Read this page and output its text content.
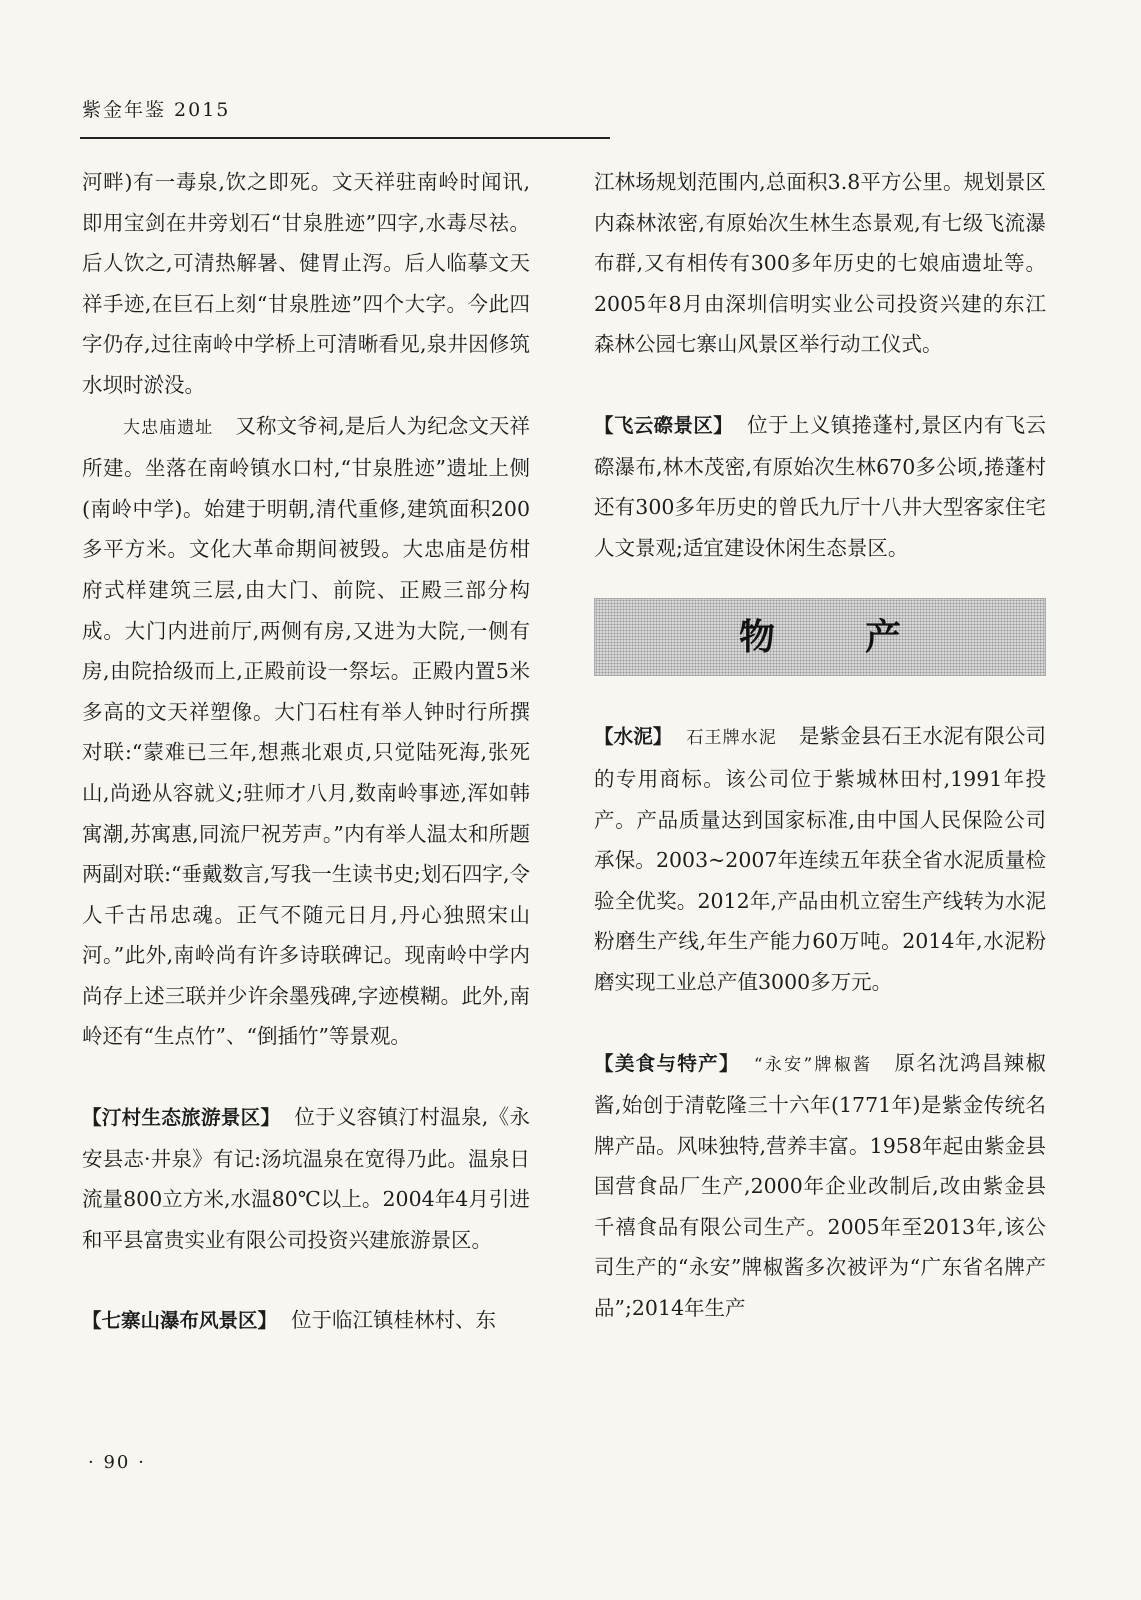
紫金年鉴 2015

河畔)有一毒泉,饮之即死。文天祥驻南岭时闻讯,即用宝剑在井旁划石“甘泉胜迹”四字,水毒尽祛。后人饮之,可清热解暑、健胃止泻。后人临摹文天祥手迹,在巨石上刻“甘泉胜迹”四个大字。今此四字仍存,过往南岭中学桥上可清晰看见,泉井因修筑水坝时淤没。

大忠庙遗址 又称文爷祠,是后人为纪念文天祥所建。坐落在南岭镇水口村,“甘泉胜迹”遗址上侧(南岭中学)。始建于明朝,清代重修,建筑面积200多平方米。文化大革命期间被毁。大忠庙是仿柑府式样建筑三层,由大门、前院、正殿三部分构成。大门内进前厅,两侧有房,又进为大院,一侧有房,由院拾级而上,正殿前设一祭坛。正殿内置5米多高的文天祥塑像。大门石柱有举人钟时行所撰对联:“蒙难已三年,想燕北艰贞,只觉陆死海,张死山,尚逊从容就义;驻师才八月,数南岭事迹,浑如韩寓潮,苏寓惠,同流尸祝芳声。”内有举人温太和所题两副对联:“垂戴数言,写我一生读书史;划石四字,令人千古吊忠魂。正气不随元日月,丹心独照宋山河。”此外,南岭尚有许多诗联碑记。现南岭中学内尚存上述三联并少许余墨残碑,字迹模糊。此外,南岭还有“生点竹”、“倒插竹”等景观。

【汀村生态旅游景区】 位于义容镇汀村温泉,《永安县志·井泉》有记:汤坑温泉在宽得乃此。温泉日流量800立方米,水温80℃以上。2004年4月引进和平县富贵实业有限公司投资兴建旅游景区。

【七寨山瀑布风景区】 位于临江镇桂林村、东

江林场规划范围内,总面积3.8平方公里。规划景区内森林浓密,有原始次生林生态景观,有七级飞流瀑布群,又有相传有300多年历史的七娘庙遗址等。2005年8月由深圳信明实业公司投资兴建的东江森林公园七寨山风景区举行动工仪式。

【飞云磜景区】 位于上义镇捲蓬村,景区内有飞云磜瀑布,林木茂密,有原始次生林670多公顷,捲蓬村还有300多年历史的曾氏九厅十八井大型客家住宅人文景观;适宜建设休闲生态景区。

物产

【水泥】 石王牌水泥 是紫金县石王水泥有限公司的专用商标。该公司位于紫城林田村,1991年投产。产品质量达到国家标准,由中国人民保险公司承保。2003~2007年连续五年获全省水泥质量检验全优奖。2012年,产品由机立窑生产线转为水泥粉磨生产线,年生产能力60万吨。2014年,水泥粉磨实现工业总产值3000多万元。

【美食与特产】 “永安”牌椒酱 原名沈鸿昌辣椒酱,始创于清乾隆三十六年(1771年)是紫金传统名牌产品。风味独特,营养丰富。1958年起由紫金县国营食品厂生产,2000年企业改制后,改由紫金县千禧食品有限公司生产。2005年至2013年,该公司生产的“永安”牌椒酱多次被评为“广东省名牌产品”;2014年生产

· 90 ·
